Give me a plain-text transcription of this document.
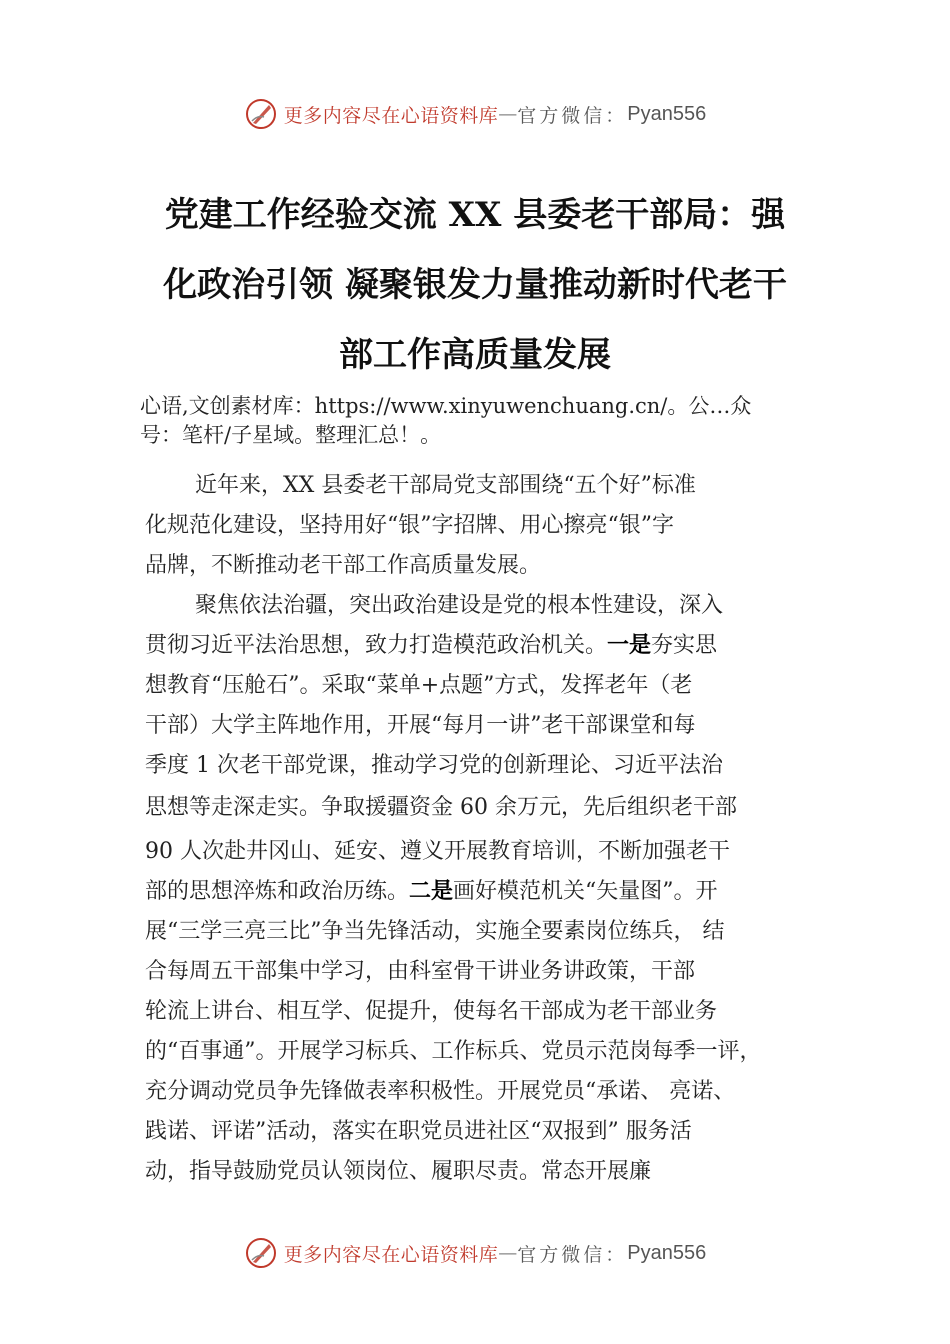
更多内容尽在心语资料库 — 官方微信： Pyan556
党建工作经验交流 XX 县委老干部局：强
化政治引领 凝聚银发力量推动新时代老干
部工作高质量发展

心语,文创素材库：https://www.xinyuwenchuang.cn/。公…众
号：笔杆/子星域。整理汇总！。

近年来，XX 县委老干部局党支部围绕“五个好”标准
化规范化建设，坚持用好“银”字招牌、用心擦亮“银”字
品牌，不断推动老干部工作高质量发展。
聚焦依法治疆，突出政治建设是党的根本性建设，深入
贯彻习近平法治思想，致力打造模范政治机关。一是夯实思
想教育“压舱石”。采取“菜单+点题”方式，发挥老年（老
干部）大学主阵地作用，开展“每月一讲”老干部课堂和每
季度 1 次老干部党课，推动学习党的创新理论、习近平法治
思想等走深走实。争取援疆资金 60 余万元，先后组织老干部
90 人次赴井冈山、延安、遵义开展教育培训，不断加强老干
部的思想淬炼和政治历练。二是画好模范机关“矢量图”。开
展“三学三亮三比”争当先锋活动，实施全要素岗位练兵， 结
合每周五干部集中学习，由科室骨干讲业务讲政策，干部
轮流上讲台、相互学、促提升，使每名干部成为老干部业务
的“百事通”。开展学习标兵、工作标兵、党员示范岗每季一评，
充分调动党员争先锋做表率积极性。开展党员“承诺、 亮诺、
践诺、评诺”活动，落实在职党员进社区“双报到” 服务活
动，指导鼓励党员认领岗位、履职尽责。常态开展廉
更多内容尽在心语资料库 — 官方微信： Pyan556
